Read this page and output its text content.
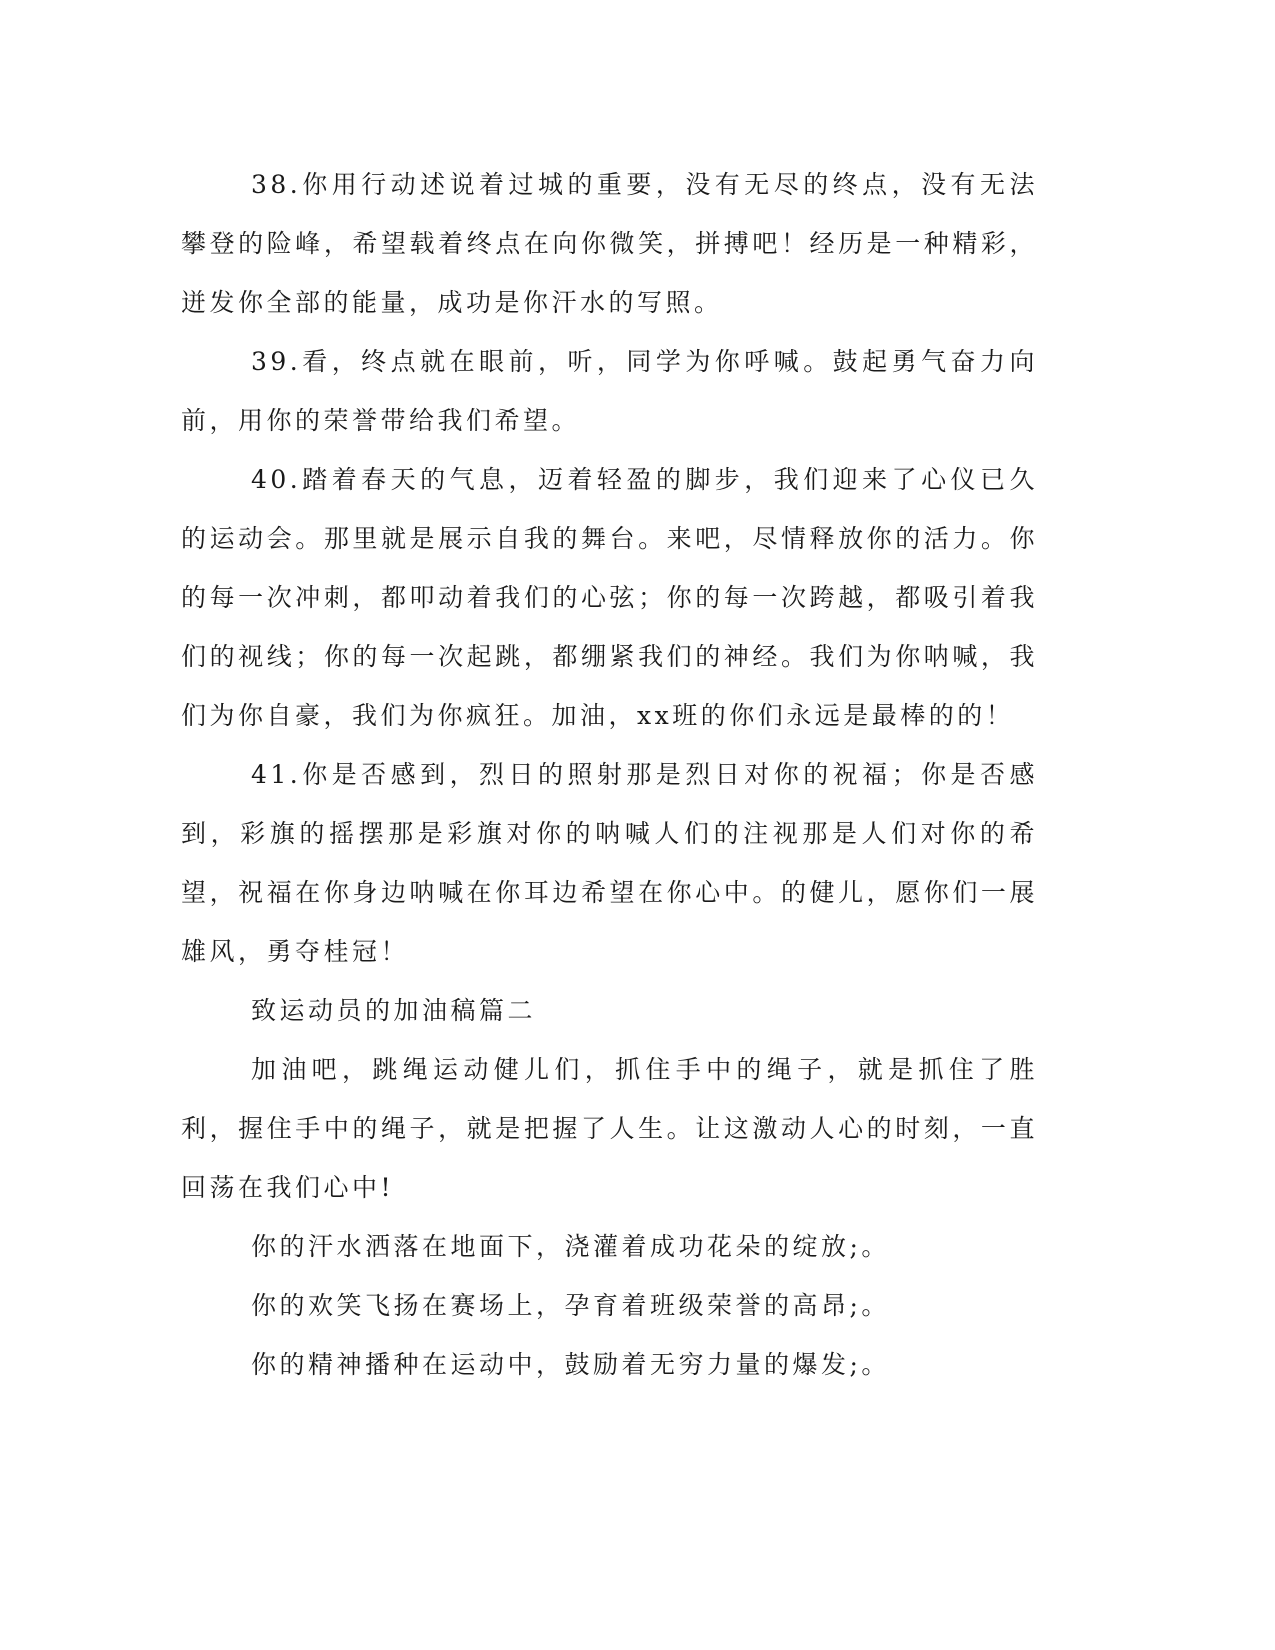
38.你用行动述说着过城的重要，没有无尽的终点，没有无法攀登的险峰，希望载着终点在向你微笑，拼搏吧！经历是一种精彩，迸发你全部的能量，成功是你汗水的写照。

39.看，终点就在眼前，听，同学为你呼喊。鼓起勇气奋力向前，用你的荣誉带给我们希望。

40.踏着春天的气息，迈着轻盈的脚步，我们迎来了心仪已久的运动会。那里就是展示自我的舞台。来吧，尽情释放你的活力。你的每一次冲刺，都叩动着我们的心弦；你的每一次跨越，都吸引着我们的视线；你的每一次起跳，都绷紧我们的神经。我们为你呐喊，我们为你自豪，我们为你疯狂。加油，xx班的你们永远是最棒的的！

41.你是否感到，烈日的照射那是烈日对你的祝福；你是否感到，彩旗的摇摆那是彩旗对你的呐喊人们的注视那是人们对你的希望，祝福在你身边呐喊在你耳边希望在你心中。的健儿，愿你们一展雄风，勇夺桂冠！

致运动员的加油稿篇二

加油吧，跳绳运动健儿们，抓住手中的绳子，就是抓住了胜利，握住手中的绳子，就是把握了人生。让这激动人心的时刻，一直回荡在我们心中!

你的汗水洒落在地面下，浇灌着成功花朵的绽放;。

你的欢笑飞扬在赛场上，孕育着班级荣誉的高昂;。

你的精神播种在运动中，鼓励着无穷力量的爆发;。
